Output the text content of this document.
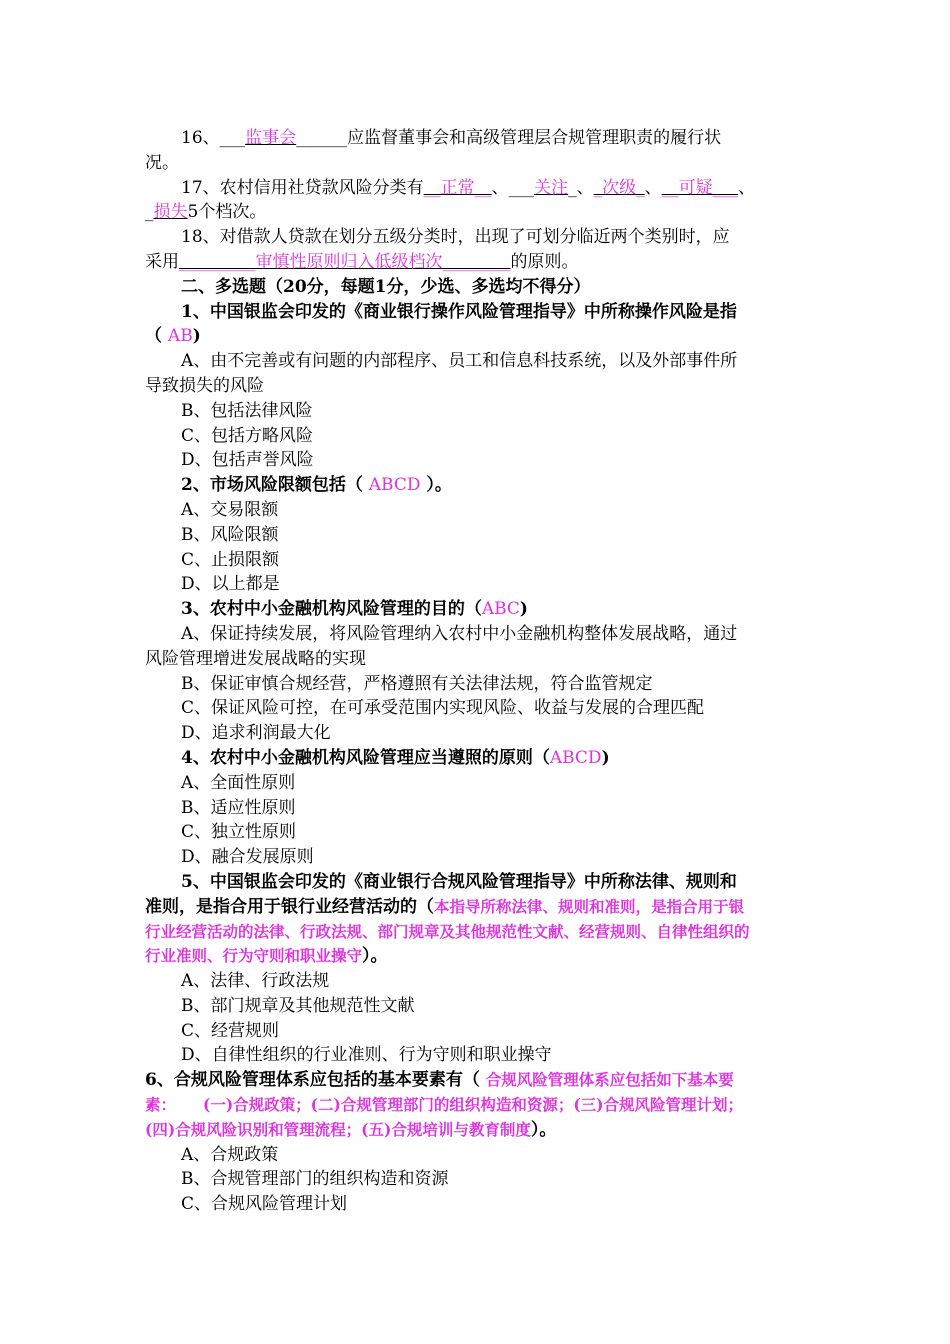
16、___监事会______应监督董事会和高级管理层合规管理职责的履行状
况。
17、农村信用社贷款风险分类有__正常__、___关注_、_次级_、__可疑___、
_损失5个档次。
18、对借款人贷款在划分五级分类时，出现了可划分临近两个类别时，应
采用_________审慎性原则归入低级档次________的原则。
二、多选题（20分，每题1分，少选、多选均不得分）
1、中国银监会印发的《商业银行操作风险管理指导》中所称操作风险是指
（ AB)
A、由不完善或有问题的内部程序、员工和信息科技系统，以及外部事件所
导致损失的风险
B、包括法律风险
C、包括方略风险
D、包括声誉风险
2、市场风险限额包括（ ABCD ）。
A、交易限额
B、风险限额
C、止损限额
D、以上都是
3、农村中小金融机构风险管理的目的（ABC)
A、保证持续发展，将风险管理纳入农村中小金融机构整体发展战略，通过
风险管理增进发展战略的实现
B、保证审慎合规经营，严格遵照有关法律法规，符合监管规定
C、保证风险可控，在可承受范围内实现风险、收益与发展的合理匹配
D、追求利润最大化
4、农村中小金融机构风险管理应当遵照的原则（ABCD)
A、全面性原则
B、适应性原则
C、独立性原则
D、融合发展原则
5、中国银监会印发的《商业银行合规风险管理指导》中所称法律、规则和
准则，是指合用于银行业经营活动的（本指导所称法律、规则和准则，是指合用于银
行业经营活动的法律、行政法规、部门规章及其他规范性文献、经营规则、自律性组织的
行业准则、行为守则和职业操守）。
A、法律、行政法规
B、部门规章及其他规范性文献
C、经营规则
D、自律性组织的行业准则、行为守则和职业操守
6、合规风险管理体系应包括的基本要素有（ 合规风险管理体系应包括如下基本要
素：     (一)合规政策；(二)合规管理部门的组织构造和资源；(三)合规风险管理计划；
(四)合规风险识别和管理流程；(五)合规培训与教育制度）。
A、合规政策
B、合规管理部门的组织构造和资源
C、合规风险管理计划
